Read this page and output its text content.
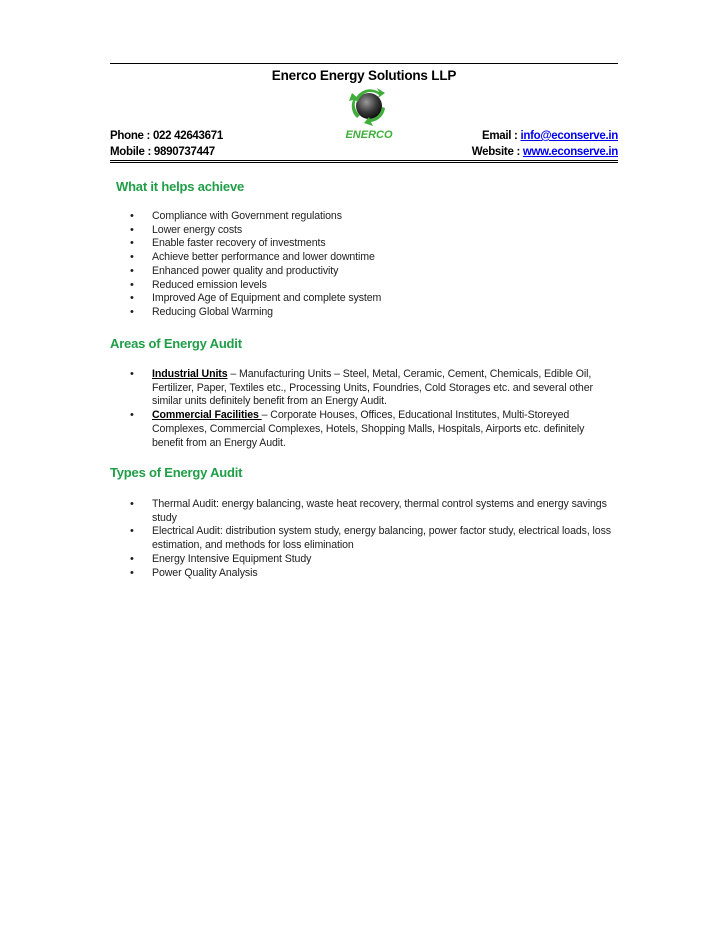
Enerco Energy Solutions LLP
ENERCO
Phone : 022 42643671
Mobile : 9890737447
Email : info@econserve.in
Website : www.econserve.in
What it helps achieve
• Compliance with Government regulations
• Lower energy costs
• Enable faster recovery of investments
• Achieve better performance and lower downtime
• Enhanced power quality and productivity
• Reduced emission levels
• Improved Age of Equipment and complete system
• Reducing Global Warming
Areas of Energy Audit
• Industrial Units – Manufacturing Units – Steel, Metal, Ceramic, Cement, Chemicals, Edible Oil, Fertilizer, Paper, Textiles etc., Processing Units, Foundries, Cold Storages etc. and several other similar units definitely benefit from an Energy Audit.
• Commercial Facilities – Corporate Houses, Offices, Educational Institutes, Multi-Storeyed Complexes, Commercial Complexes, Hotels, Shopping Malls, Hospitals, Airports etc. definitely benefit from an Energy Audit.
Types of Energy Audit
• Thermal Audit: energy balancing, waste heat recovery, thermal control systems and energy savings study
• Electrical Audit: distribution system study, energy balancing, power factor study, electrical loads, loss estimation, and methods for loss elimination
• Energy Intensive Equipment Study
• Power Quality Analysis
